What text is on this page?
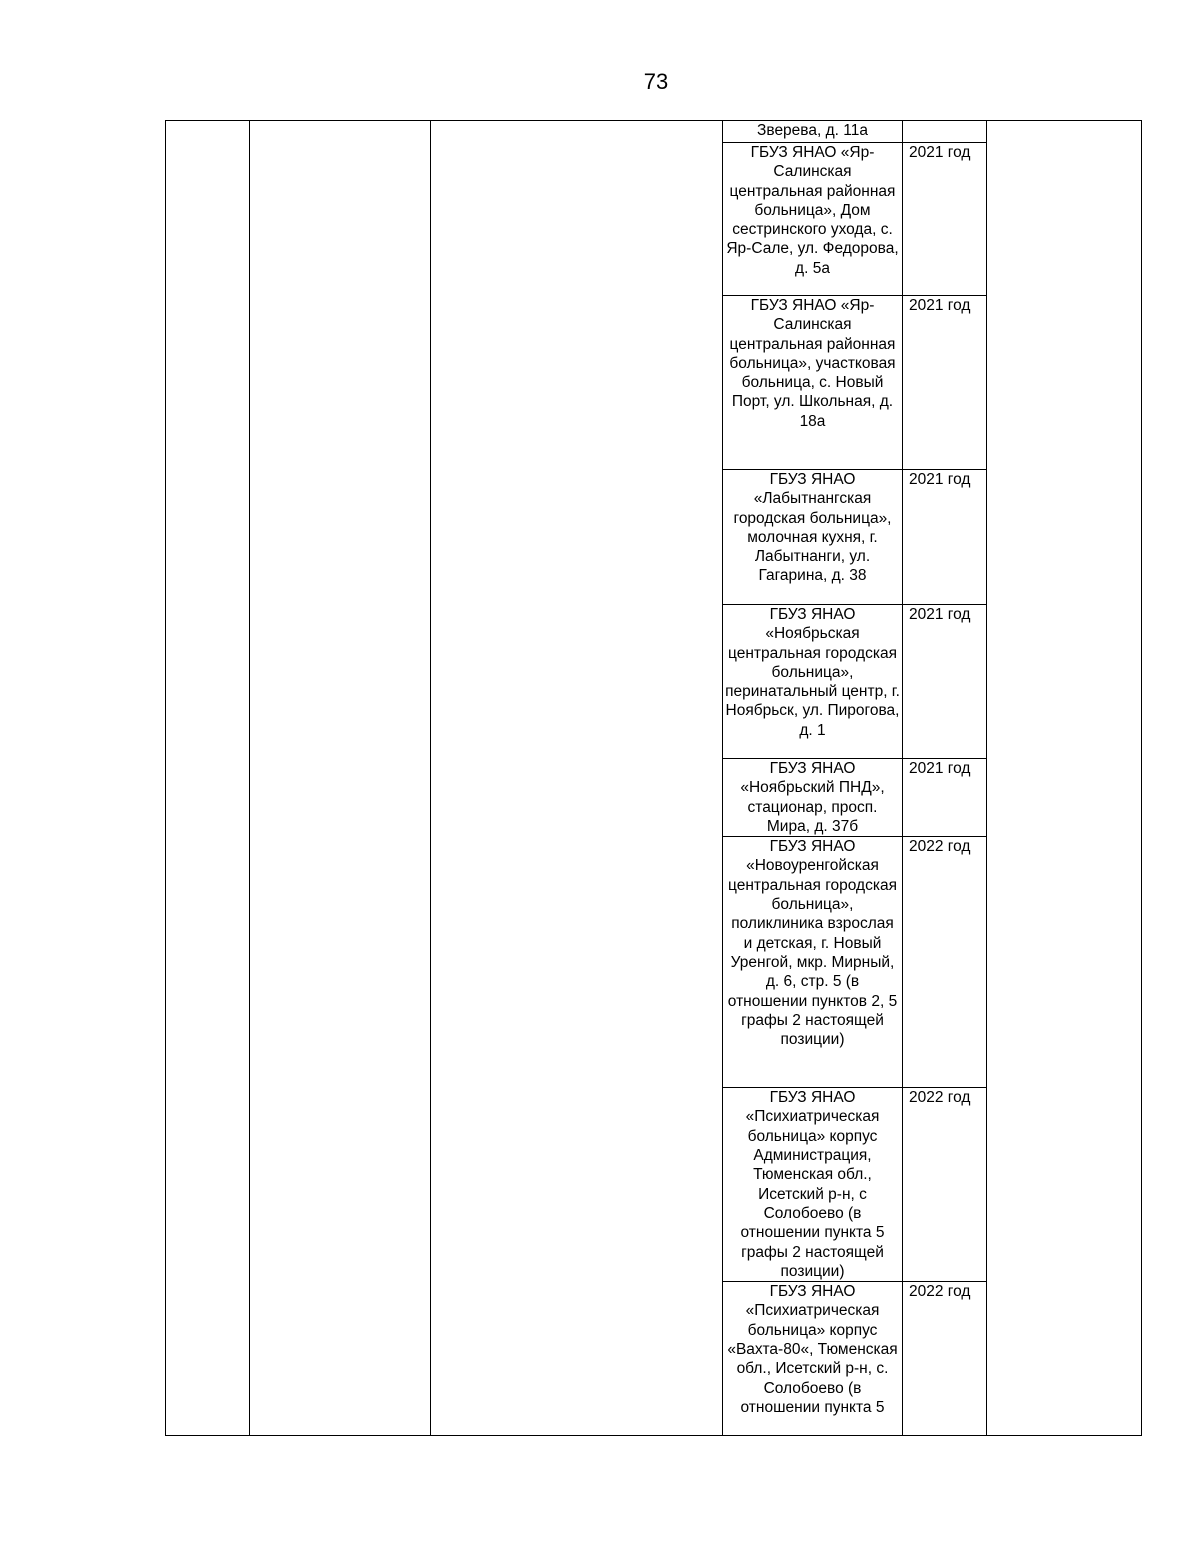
73
			Зверева, д. 11а		
			ГБУЗ ЯНАО «Яр-Салинская центральная районная больница», Дом сестринского ухода, с. Яр-Сале, ул. Федорова, д. 5а	2021 год	
			ГБУЗ ЯНАО «Яр-Салинская центральная районная больница», участковая больница, с. Новый Порт, ул. Школьная, д. 18а	2021 год	
			ГБУЗ ЯНАО «Лабытнангская городская больница», молочная кухня, г. Лабытнанги, ул. Гагарина, д. 38	2021 год	
			ГБУЗ ЯНАО «Ноябрьская центральная городская больница», перинатальный центр, г. Ноябрьск, ул. Пирогова, д. 1	2021 год	
			ГБУЗ ЯНАО «Ноябрьский ПНД», стационар, просп. Мира, д. 37б	2021 год	
			ГБУЗ ЯНАО «Новоуренгойская центральная городская больница», поликлиника взрослая и детская, г. Новый Уренгой, мкр. Мирный, д. 6, стр. 5 (в отношении пунктов 2, 5 графы 2 настоящей позиции)	2022 год	
			ГБУЗ ЯНАО «Психиатрическая больница» корпус Администрация, Тюменская обл., Исетский р-н, с Солобоево (в отношении пункта 5 графы 2 настоящей позиции)	2022 год	
			ГБУЗ ЯНАО «Психиатрическая больница» корпус «Вахта-80«, Тюменская обл., Исетский р-н, с. Солобоево (в отношении пункта 5	2022 год	
